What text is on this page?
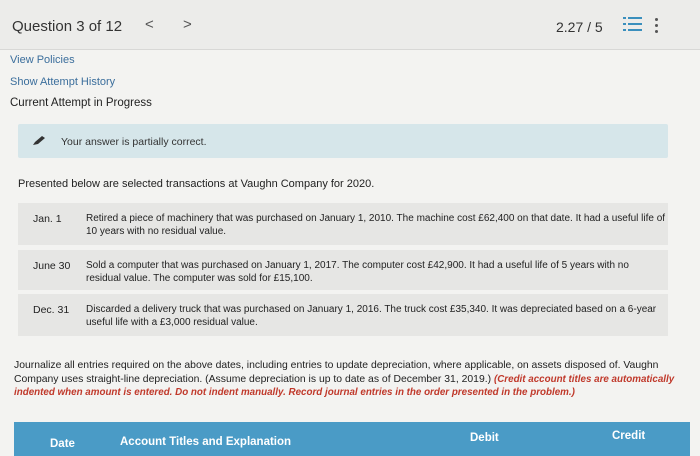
Question 3 of 12 < >	2.27 / 5
View Policies
Show Attempt History
Current Attempt in Progress
Your answer is partially correct.
Presented below are selected transactions at Vaughn Company for 2020.
Jan. 1 Retired a piece of machinery that was purchased on January 1, 2010. The machine cost £62,400 on that date. It had a useful life of 10 years with no residual value.
June 30 Sold a computer that was purchased on January 1, 2017. The computer cost £42,900. It had a useful life of 5 years with no residual value. The computer was sold for £15,100.
Dec. 31 Discarded a delivery truck that was purchased on January 1, 2016. The truck cost £35,340. It was depreciated based on a 6-year useful life with a £3,000 residual value.
Journalize all entries required on the above dates, including entries to update depreciation, where applicable, on assets disposed of. Vaughn Company uses straight-line depreciation. (Assume depreciation is up to date as of December 31, 2019.) (Credit account titles are automatically indented when amount is entered. Do not indent manually. Record journal entries in the order presented in the problem.)
Date	Account Titles and Explanation	Debit	Credit
